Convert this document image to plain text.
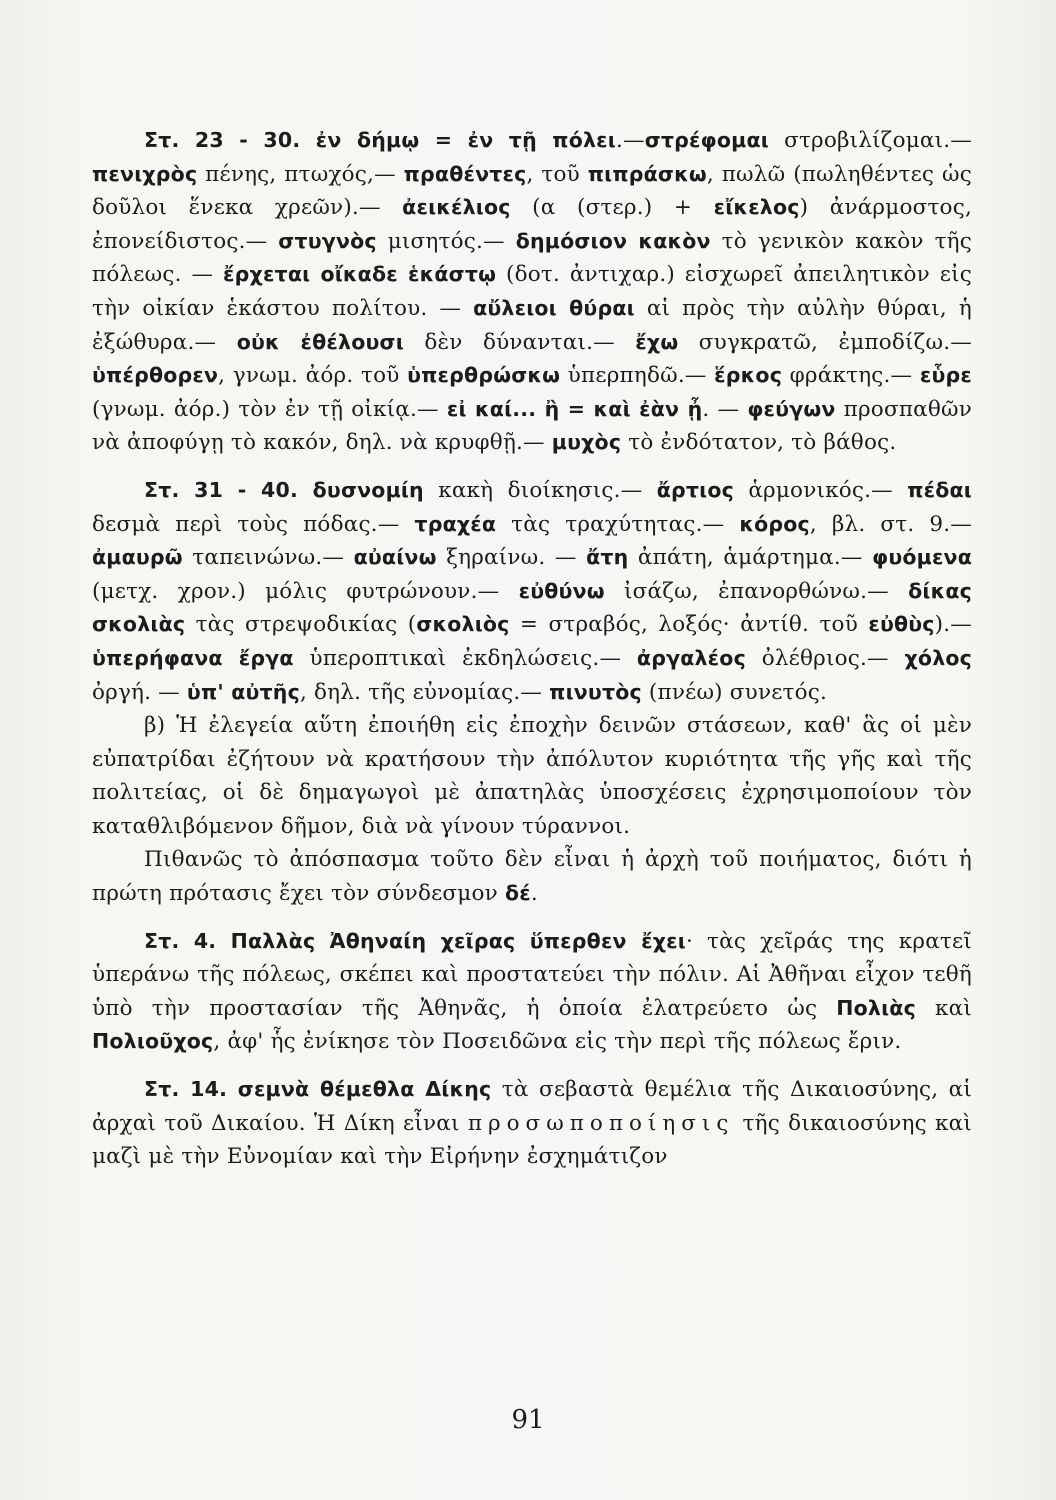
Στ. 23 - 30. ἐν δήμῳ = ἐν τῇ πόλει.—στρέφομαι στροβιλίζομαι.— πενιχρὸς πένης, πτωχός,— πραθέντες, τοῦ πιπράσκω, πωλῶ (πωληθέντες ὡς δοῦλοι ἕνεκα χρεῶν).— ἀεικέλιος (α (στερ.) + εἴκελος) ἀνάρμοστος, ἐπονείδιστος.— στυγνὸς μισητός.— δημόσιον κακὸν τὸ γενικὸν κακὸν τῆς πόλεως. — ἔρχεται οἴκαδε ἑκάστῳ (δοτ. ἀντιχαρ.) εἰσχωρεῖ ἀπειλητικὸν εἰς τὴν οἰκίαν ἑκάστου πολίτου. — αὔλειοι θύραι αἱ πρὸς τὴν αὐλὴν θύραι, ἡ ἐξώθυρα.— οὐκ ἐθέλουσι δὲν δύνανται.— ἔχω συγκρατῶ, ἐμποδίζω.— ὑπέρθορεν, γνωμ. ἀόρ. τοῦ ὑπερθρώσκω ὑπερπηδῶ.— ἕρκος φράκτης.— εὗρε (γνωμ. ἀόρ.) τὸν ἐν τῇ οἰκίᾳ.— εἰ καί... ἢ = καὶ ἐὰν ᾖ. — φεύγων προσπαθῶν νὰ ἀποφύγῃ τὸ κακόν, δηλ. νὰ κρυφθῇ.— μυχὸς τὸ ἐνδότατον, τὸ βάθος.

Στ. 31 - 40. δυσνομίη κακὴ διοίκησις.— ἄρτιος ἁρμονικός.— πέδαι δεσμὰ περὶ τοὺς πόδας.— τραχέα τὰς τραχύτητας.— κόρος, βλ. στ. 9.— ἀμαυρῶ ταπεινώνω.— αὐαίνω ξηραίνω. — ἄτη ἀπάτη, ἁμάρτημα.— φυόμενα (μετχ. χρον.) μόλις φυτρώνουν.— εὐθύνω ἰσάζω, ἐπανορθώνω.— δίκας σκολιὰς τὰς στρεψοδικίας (σκολιὸς = στραβός, λοξός· ἀντίθ. τοῦ εὐθὺς).— ὑπερήφανα ἔργα ὑπεροπτικαὶ ἐκδηλώσεις.— ἀργαλέος ὀλέθριος.— χόλος ὀργή. — ὑπ' αὐτῆς, δηλ. τῆς εὐνομίας.— πινυτὸς (πνέω) συνετός.

β) Ἡ ἐλεγεία αὕτη ἐποιήθη εἰς ἐποχὴν δεινῶν στάσεων, καθ' ἃς οἱ μὲν εὐπατρίδαι ἐζήτουν νὰ κρατήσουν τὴν ἀπόλυτον κυριότητα τῆς γῆς καὶ τῆς πολιτείας, οἱ δὲ δημαγωγοὶ μὲ ἀπατηλὰς ὑποσχέσεις ἐχρησιμοποίουν τὸν καταθλιβόμενον δῆμον, διὰ νὰ γίνουν τύραννοι.

Πιθανῶς τὸ ἀπόσπασμα τοῦτο δὲν εἶναι ἡ ἀρχὴ τοῦ ποιήματος, διότι ἡ πρώτη πρότασις ἔχει τὸν σύνδεσμον δέ.

Στ. 4. Παλλὰς Ἀθηναίη χεῖρας ὕπερθεν ἔχει· τὰς χεῖράς της κρατεῖ ὑπεράνω τῆς πόλεως, σκέπει καὶ προστατεύει τὴν πόλιν. Αἱ Ἀθῆναι εἶχον τεθῆ ὑπὸ τὴν προστασίαν τῆς Ἀθηνᾶς, ἡ ὁποία ἐλατρεύετο ὡς Πολιὰς καὶ Πολιοῦχος, ἀφ' ἧς ἐνίκησε τὸν Ποσειδῶνα εἰς τὴν περὶ τῆς πόλεως ἔριν.

Στ. 14. σεμνὰ θέμεθλα Δίκης τὰ σεβαστὰ θεμέλια τῆς Δικαιοσύνης, αἱ ἀρχαὶ τοῦ Δικαίου. Ἡ Δίκη εἶναι προσωποποίησις τῆς δικαιοσύνης καὶ μαζὶ μὲ τὴν Εὐνομίαν καὶ τὴν Εἰρήνην ἐσχημάτιζον

91
